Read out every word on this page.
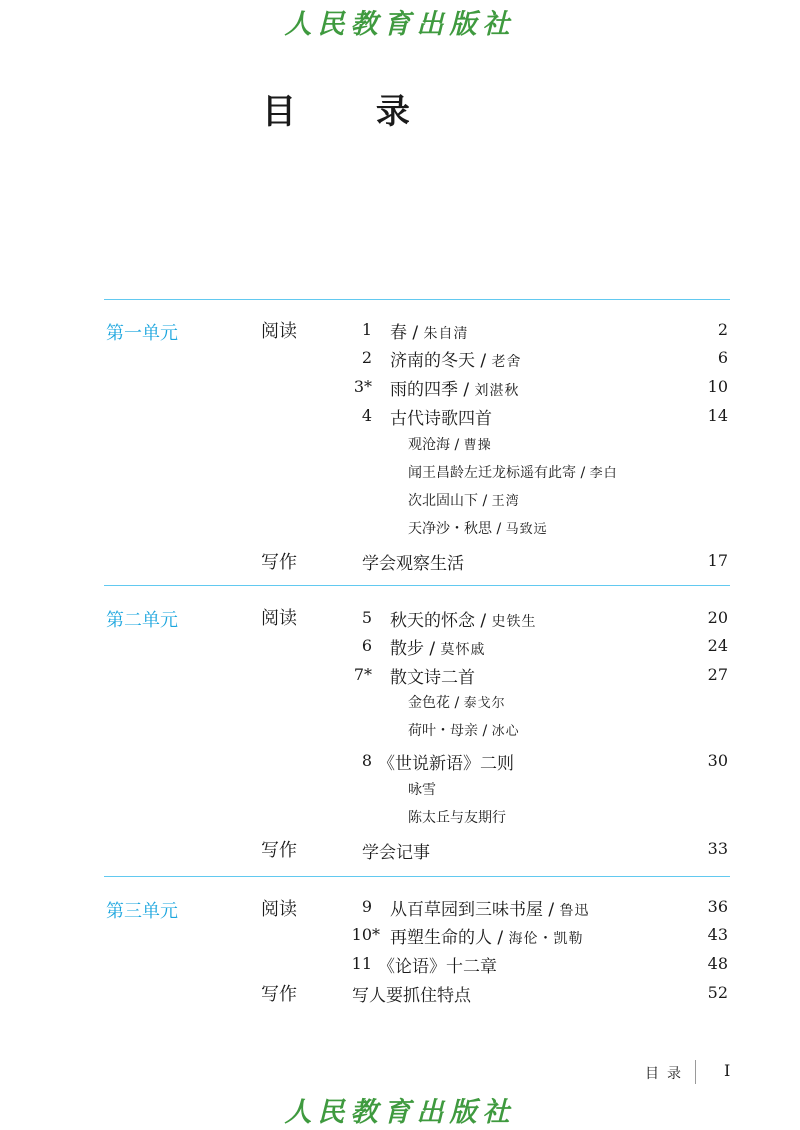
人民教育出版社
目 录
第一单元	阅读	1 春 / 朱自清	2
2 济南的冬天 / 老舍	6
3* 雨的四季 / 刘湛秋	10
4 古代诗歌四首	14
观沧海 / 曹操
闻王昌龄左迁龙标遥有此寄 / 李白
次北固山下 / 王湾
天净沙・秋思 / 马致远
写作	学会观察生活	17
第二单元	阅读	5 秋天的怀念 / 史铁生	20
6 散步 / 莫怀戚	24
7* 散文诗二首	27
金色花 / 泰戈尔
荷叶・母亲 / 冰心
8 《世说新语》二则	30
咏雪
陈太丘与友期行
写作	学会记事	33
第三单元	阅读	9 从百草园到三味书屋 / 鲁迅	36
10* 再塑生命的人 / 海伦・凯勒	43
11 《论语》十二章	48
写作	写人要抓住特点	52
目录 I
人民教育出版社
